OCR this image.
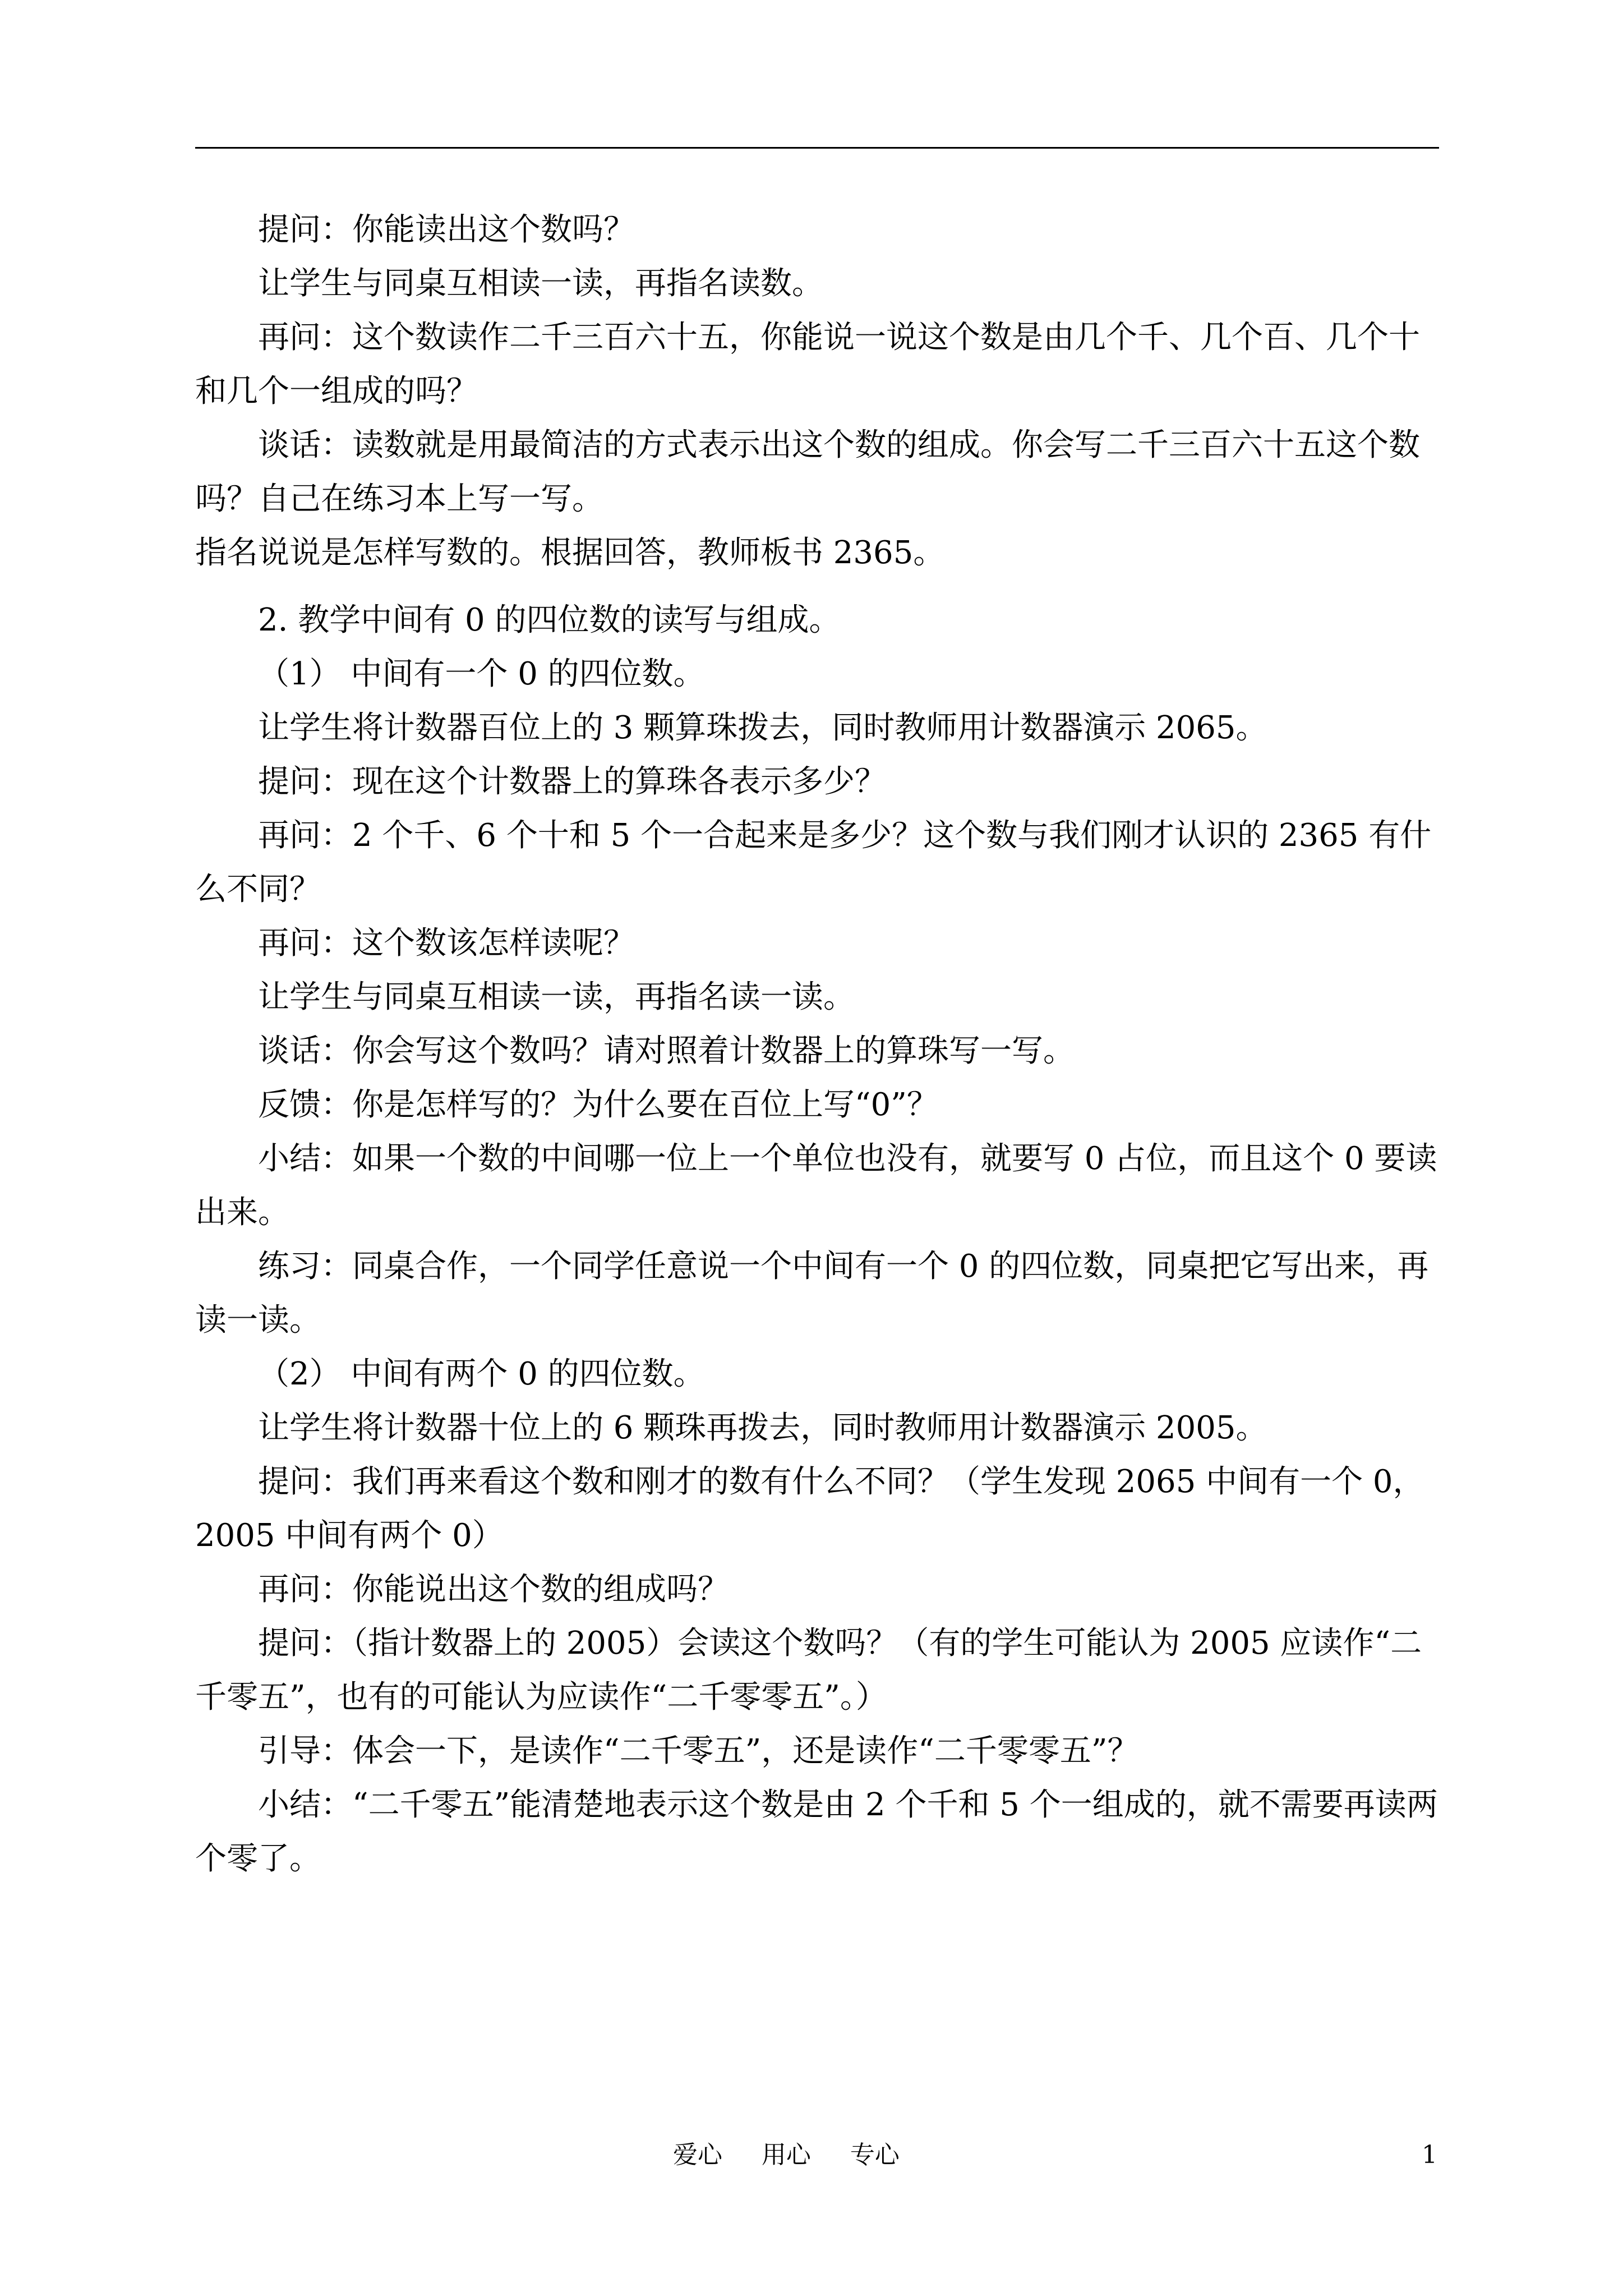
提问：你能读出这个数吗？

让学生与同桌互相读一读，再指名读数。

再问：这个数读作二千三百六十五，你能说一说这个数是由几个千、几个百、几个十和几个一组成的吗？

谈话：读数就是用最简洁的方式表示出这个数的组成。你会写二千三百六十五这个数吗？自己在练习本上写一写。

指名说说是怎样写数的。根据回答，教师板书 2365。

2. 教学中间有 0 的四位数的读写与组成。

（1） 中间有一个 0 的四位数。

让学生将计数器百位上的 3 颗算珠拨去，同时教师用计数器演示 2065。

提问：现在这个计数器上的算珠各表示多少？

再问：2 个千、6 个十和 5 个一合起来是多少？这个数与我们刚才认识的 2365 有什么不同？

再问：这个数该怎样读呢？

让学生与同桌互相读一读，再指名读一读。

谈话：你会写这个数吗？请对照着计数器上的算珠写一写。

反馈：你是怎样写的？为什么要在百位上写“0”？

小结：如果一个数的中间哪一位上一个单位也没有，就要写 0 占位，而且这个 0 要读出来。

练习：同桌合作，一个同学任意说一个中间有一个 0 的四位数，同桌把它写出来，再读一读。

（2） 中间有两个 0 的四位数。

让学生将计数器十位上的 6 颗珠再拨去，同时教师用计数器演示 2005。

提问：我们再来看这个数和刚才的数有什么不同？（学生发现 2065 中间有一个 0，2005 中间有两个 0）

再问：你能说出这个数的组成吗？

提问：（指计数器上的 2005）会读这个数吗？（有的学生可能认为 2005 应读作“二千零五”，也有的可能认为应读作“二千零零五”。）

引导：体会一下，是读作“二千零五”，还是读作“二千零零五”？

小结：“二千零五”能清楚地表示这个数是由 2 个千和 5 个一组成的，就不需要再读两个零了。

爱心     用心     专心	1
